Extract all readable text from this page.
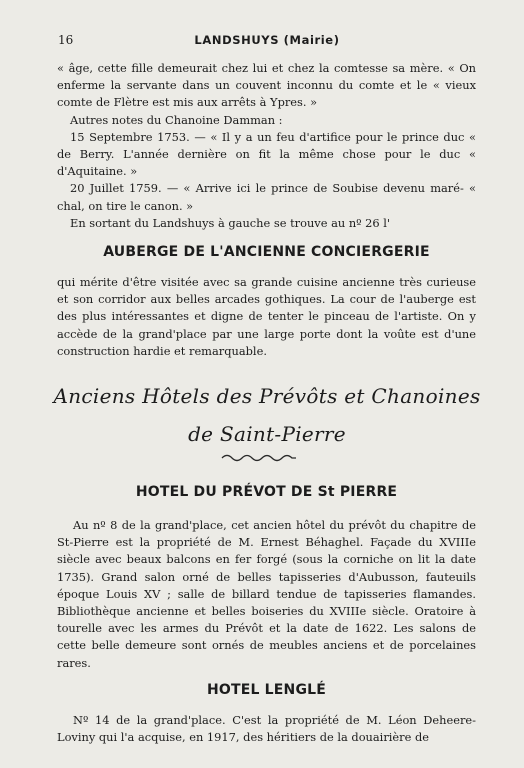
16	LANDSHUYS (Mairie)

« âge, cette fille demeurait chez lui et chez la comtesse sa mère. « On enferme la servante dans un couvent inconnu du comte et le « vieux comte de Flètre est mis aux arrêts à Ypres. »

Autres notes du Chanoine Damman :

15 Septembre 1753. — « Il y a un feu d'artifice pour le prince duc « de Berry. L'année dernière on fit la même chose pour le duc « d'Aquitaine. »

20 Juillet 1759. — « Arrive ici le prince de Soubise devenu maré- « chal, on tire le canon. »

En sortant du Landshuys à gauche se trouve au nº 26 l'

AUBERGE DE L'ANCIENNE CONCIERGERIE

qui mérite d'être visitée avec sa grande cuisine ancienne très curieuse et son corridor aux belles arcades gothiques. La cour de l'auberge est des plus intéressantes et digne de tenter le pinceau de l'artiste. On y accède de la grand'place par une large porte dont la voûte est d'une construction hardie et remarquable.

Anciens Hôtels des Prévôts et Chanoines
de Saint-Pierre
HOTEL DU PRÉVOT DE St PIERRE

Au nº 8 de la grand'place, cet ancien hôtel du prévôt du chapitre de St-Pierre est la propriété de M. Ernest Béhaghel. Façade du XVIIIe siècle avec beaux balcons en fer forgé (sous la corniche on lit la date 1735). Grand salon orné de belles tapisseries d'Aubusson, fauteuils époque Louis XV ; salle de billard tendue de tapisseries flamandes. Bibliothèque ancienne et belles boiseries du XVIIIe siècle. Oratoire à tourelle avec les armes du Prévôt et la date de 1622. Les salons de cette belle demeure sont ornés de meubles anciens et de porcelaines rares.

HOTEL LENGLÉ

Nº 14 de la grand'place. C'est la propriété de M. Léon Deheere-Loviny qui l'a acquise, en 1917, des héritiers de la douairière de
